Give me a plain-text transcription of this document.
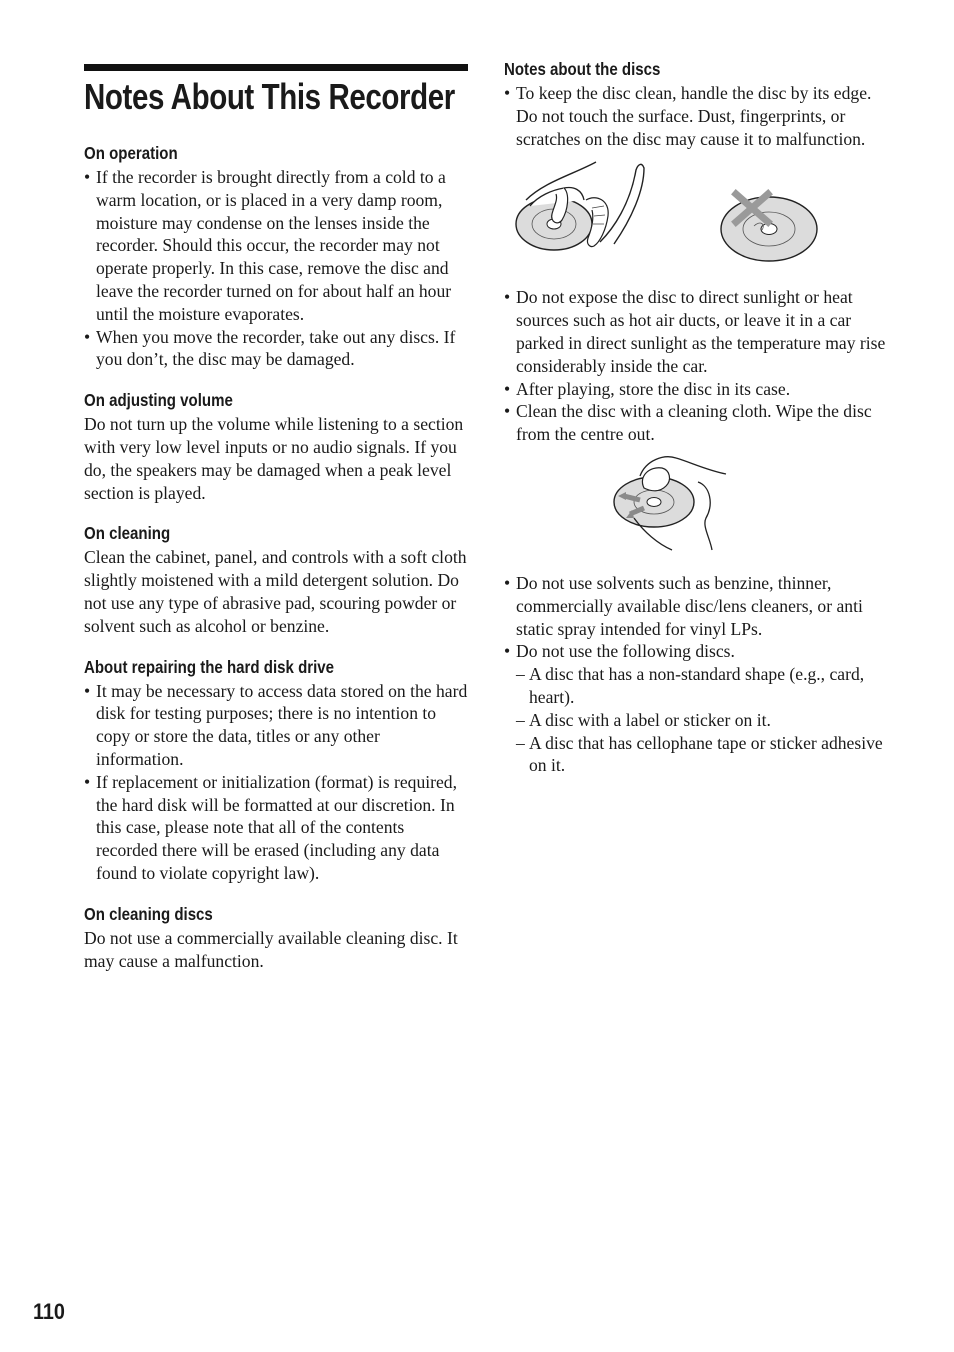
Notes About This Recorder
On operation
• If the recorder is brought directly from a cold to a warm location, or is placed in a very damp room, moisture may condense on the lenses inside the recorder. Should this occur, the recorder may not operate properly. In this case, remove the disc and leave the recorder turned on for about half an hour until the moisture evaporates.
• When you move the recorder, take out any discs. If you don’t, the disc may be damaged.
On adjusting volume

Do not turn up the volume while listening to a section with very low level inputs or no audio signals. If you do, the speakers may be damaged when a peak level section is played.

On cleaning

Clean the cabinet, panel, and controls with a soft cloth slightly moistened with a mild detergent solution. Do not use any type of abrasive pad, scouring powder or solvent such as alcohol or benzine.

About repairing the hard disk drive
• It may be necessary to access data stored on the hard disk for testing purposes; there is no intention to copy or store the data, titles or any other information.
• If replacement or initialization (format) is required, the hard disk will be formatted at our discretion. In this case, please note that all of the contents recorded there will be erased (including any data found to violate copyright law).
On cleaning discs

Do not use a commercially available cleaning disc. It may cause a malfunction.

Notes about the discs
• To keep the disc clean, handle the disc by its edge. Do not touch the surface. Dust, fingerprints, or scratches on the disc may cause it to malfunction.
• Do not expose the disc to direct sunlight or heat sources such as hot air ducts, or leave it in a car parked in direct sunlight as the temperature may rise considerably inside the car.
• After playing, store the disc in its case.
• Clean the disc with a cleaning cloth. Wipe the disc from the centre out.
• Do not use solvents such as benzine, thinner, commercially available disc/lens cleaners, or anti static spray intended for vinyl LPs.
• Do not use the following discs.
– A disc that has a non-standard shape (e.g., card, heart).
– A disc with a label or sticker on it.
– A disc that has cellophane tape or sticker adhesive on it.
110
